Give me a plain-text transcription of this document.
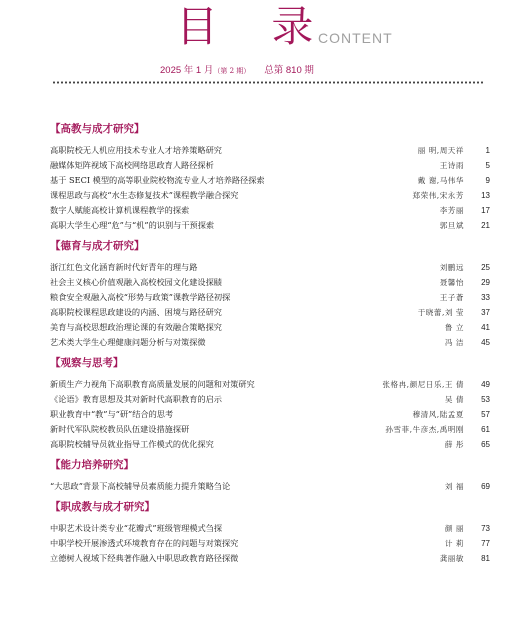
目 录
CONTENT
2025 年 1 月（第 2 期） 总第 810 期
【高教与成才研究】
高职院校无人机应用技术专业人才培养策略研究	丽 明,周天祥	1
融媒体矩阵视域下高校网络思政育人路径探析	王诗雨	5
基于 SECI 模型的高等职业院校物流专业人才培养路径探索	戴 谢,马伟华	9
课程思政与高校“水生态修复技术”课程教学融合探究	郑荣伟,宋永芳	13
数字人赋能高校计算机课程教学的探索	李芳丽	17
高职大学生心理“危”与“机”的识别与干预探索	郭旦斌	21
【德育与成才研究】
浙江红色文化涵育新时代好青年的理与路	刘鹏远	25
社会主义核心价值观融入高校校园文化建设探赜	聂馨怡	29
粮食安全观融入高校“形势与政策”课教学路径初探	王子蒼	33
高职院校课程思政建设的内涵、困境与路径研究	于晓蕾,刘 莹	37
美育与高校思想政治理论课的有效融合策略探究	鲁 立	41
艺术类大学生心理健康问题分析与对策探微	冯 洁	45
【观察与思考】
新质生产力视角下高职教育高质量发展的问题和对策研究	张格冉,颜尼日乐,王 倩	49
《论语》教育思想及其对新时代高职教育的启示	吴 倩	53
职业教育中“教”与“研”结合的思考	穆清风,陆孟夏	57
新时代军队院校教员队伍建设措施探研	孙雪菲,牛彦杰,禹明刚	61
高职院校辅导员就业指导工作模式的优化探究	薛 彤	65
【能力培养研究】
“大思政”背景下高校辅导员素质能力提升策略刍论	刘 福	69
【职成教与成才研究】
中职艺术设计类专业“花瓣式”班级管理模式刍探	颜 丽	73
中职学校开展渗透式环境教育存在的问题与对策探究	计 莉	77
立德树人视域下经典著作融入中职思政教育路径探微	龚丽敏	81
